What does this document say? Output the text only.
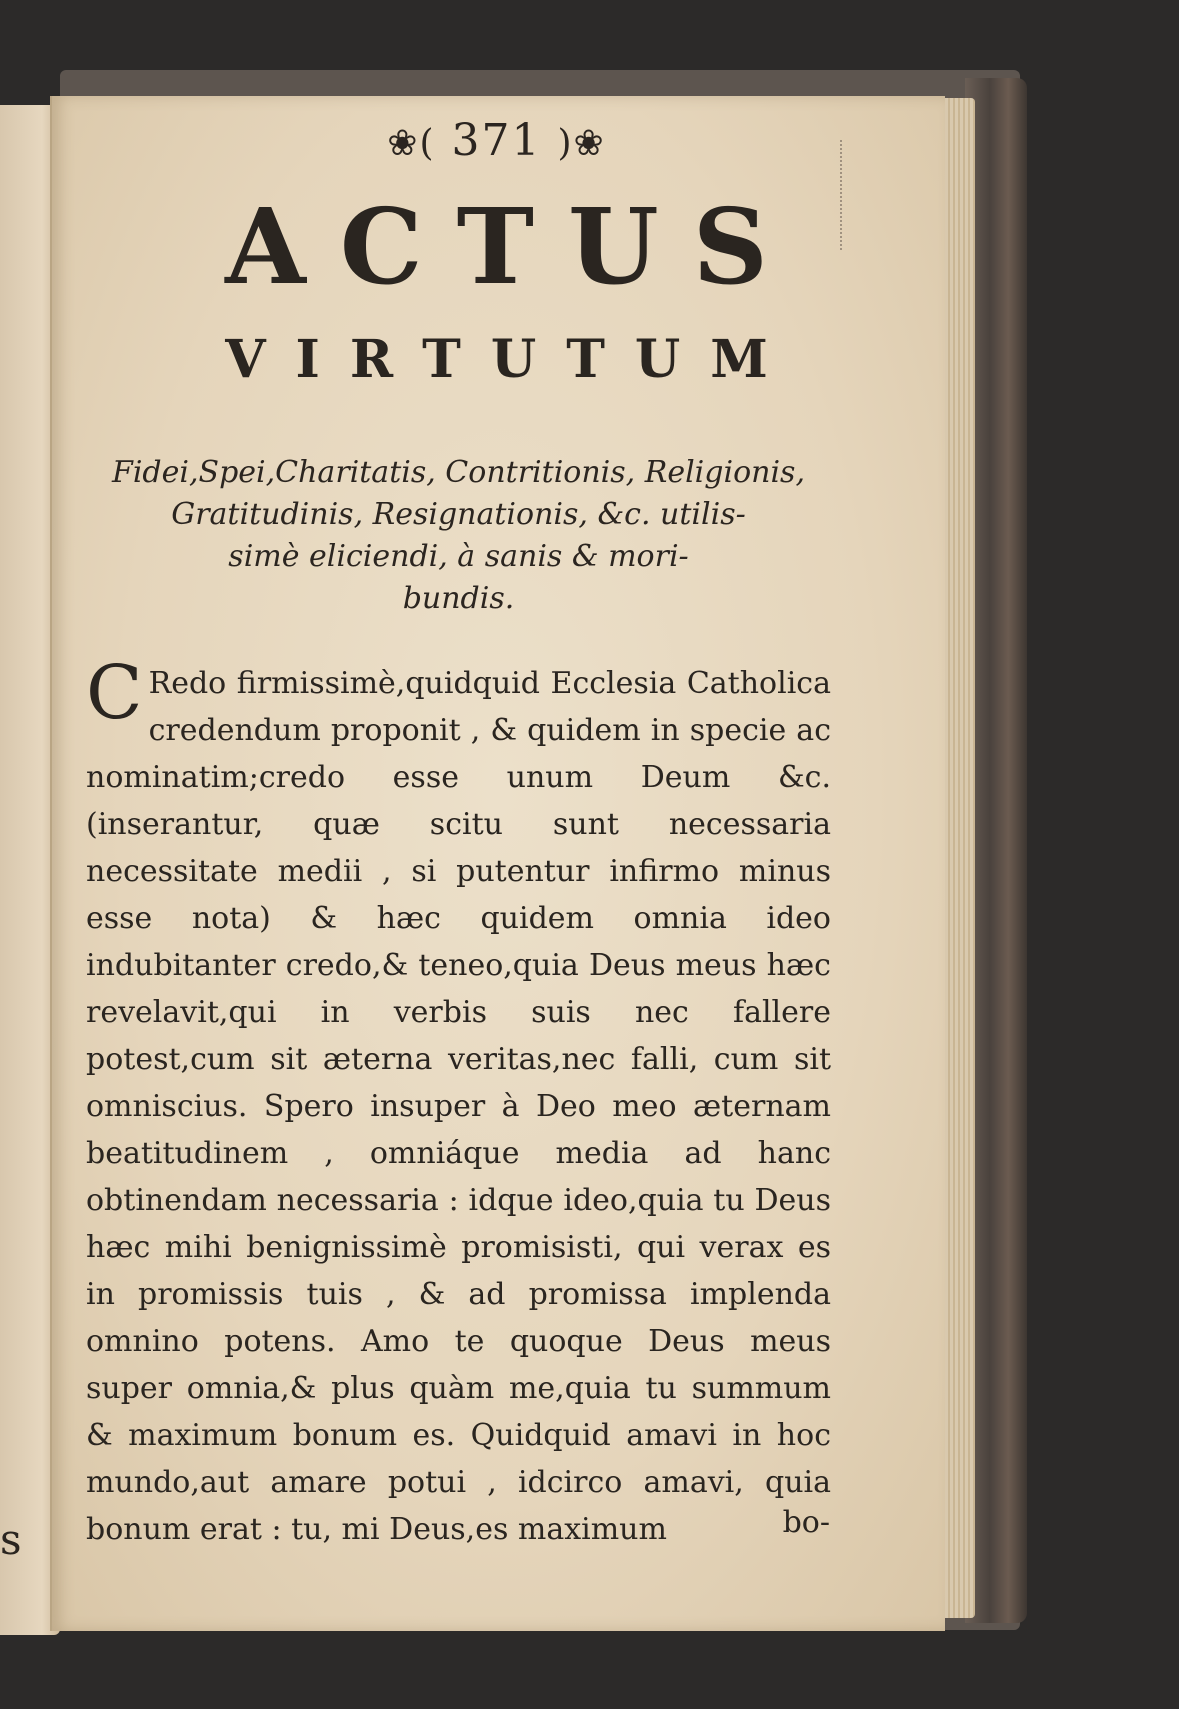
s
❀( 371 )❀
ACTUS
VIRTUTUM
Fidei,Spei,Charitatis, Contritionis, Religionis,
Gratitudinis, Resignationis, &c. utilis-
simè eliciendi, à sanis & mori-
bundis.
C Redo firmissimè,quidquid Ecclesia Catholica credendum proponit , & quidem in specie ac nominatim;credo esse unum Deum &c. (inserantur, quæ scitu sunt necessaria necessitate medii , si putentur infirmo minus esse nota) & hæc quidem omnia ideo indubitanter credo,& teneo,quia Deus meus hæc revelavit,qui in verbis suis nec fallere potest,cum sit æterna veritas,nec falli, cum sit omniscius. Spero insuper à Deo meo æternam beatitudinem , omniáque media ad hanc obtinendam necessaria : idque ideo,quia tu Deus hæc mihi benignissimè promisisti, qui verax es in promissis tuis , & ad promissa implenda omnino potens. Amo te quoque Deus meus super omnia,& plus quàm me,quia tu summum & maximum bonum es. Quidquid amavi in hoc mundo,aut amare potui , idcirco amavi, quia bonum erat : tu, mi Deus,es maximum	bo-
